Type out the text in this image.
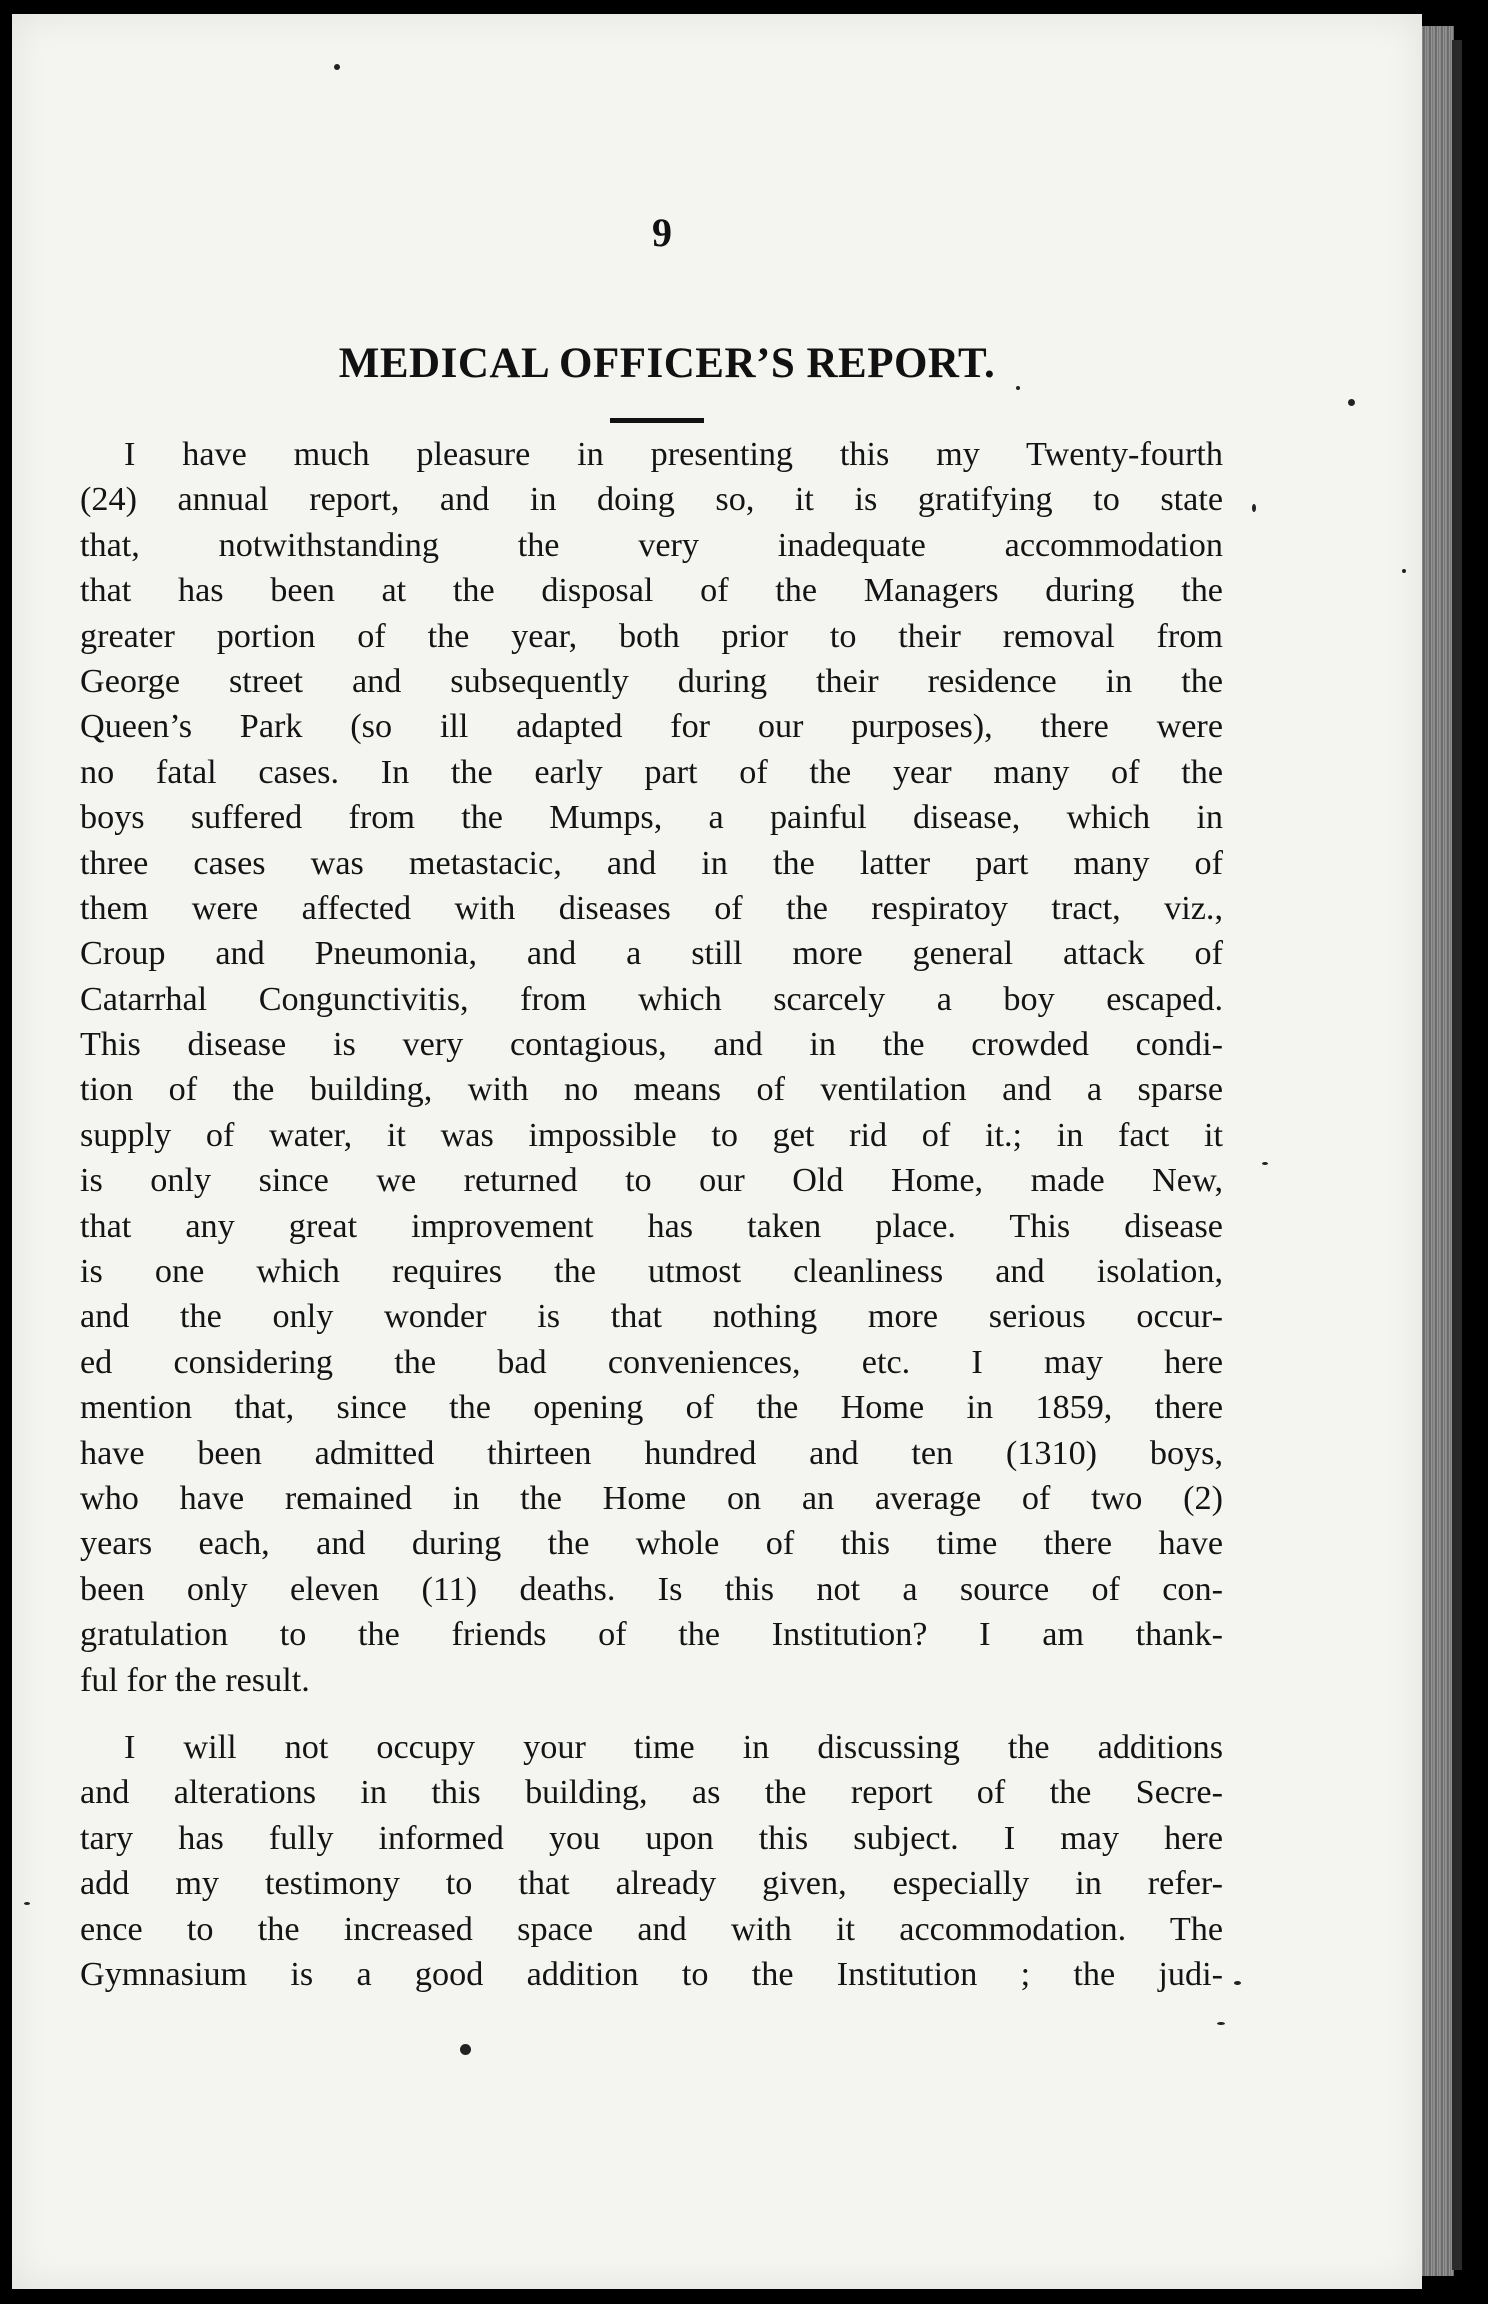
9
MEDICAL OFFICER’S REPORT.
I have much pleasure in presenting this my Twenty-fourth
(24) annual report, and in doing so, it is gratifying to state
that, notwithstanding the very inadequate accommodation
that has been at the disposal of the Managers during the
greater portion of the year, both prior to their removal from
George street and subsequently during their residence in the
Queen’s Park (so ill adapted for our purposes), there were
no fatal cases. In the early part of the year many of the
boys suffered from the Mumps, a painful disease, which in
three cases was metastacic, and in the latter part many of
them were affected with diseases of the respiratoy tract, viz.,
Croup and Pneumonia, and a still more general attack of
Catarrhal Congunctivitis, from which scarcely a boy escaped.
This disease is very contagious, and in the crowded condi-
tion of the building, with no means of ventilation and a sparse
supply of water, it was impossible to get rid of it.; in fact it
is only since we returned to our Old Home, made New,
that any great improvement has taken place. This disease
is one which requires the utmost cleanliness and isolation,
and the only wonder is that nothing more serious occur-
ed considering the bad conveniences, etc. I may here
mention that, since the opening of the Home in 1859, there
have been admitted thirteen hundred and ten (1310) boys,
who have remained in the Home on an average of two (2)
years each, and during the whole of this time there have
been only eleven (11) deaths. Is this not a source of con-
gratulation to the friends of the Institution? I am thank-
ful for the result.
I will not occupy your time in discussing the additions
and alterations in this building, as the report of the Secre-
tary has fully informed you upon this subject. I may here
add my testimony to that already given, especially in refer-
ence to the increased space and with it accommodation. The
Gymnasium is a good addition to the Institution ; the judi-
